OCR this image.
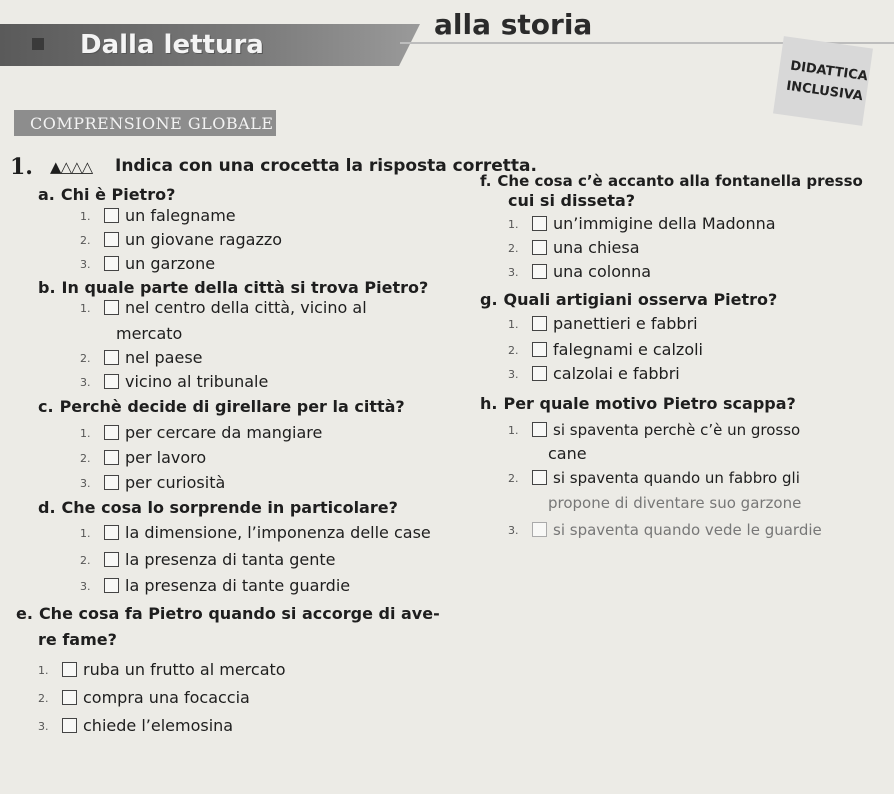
Dalla lettura
alla storia
DIDATTICA
INCLUSIVA
COMPRENSIONE GLOBALE
1. ▲△△△ Indica con una crocetta la risposta corretta.
a. Chi è Pietro?
1.	un falegname
2.	un giovane ragazzo
3.	un garzone
b. In quale parte della città si trova Pietro?
1.	nel centro della città, vicino al
mercato
2.	nel paese
3.	vicino al tribunale
c. Perchè decide di girellare per la città?
1.	per cercare da mangiare
2.	per lavoro
3.	per curiosità
d. Che cosa lo sorprende in particolare?
1.	la dimensione, l’imponenza delle case
2.	la presenza di tanta gente
3.	la presenza di tante guardie
e. Che cosa fa Pietro quando si accorge di ave-
re fame?
1.	ruba un frutto al mercato
2.	compra una focaccia
3.	chiede l’elemosina
f. Che cosa c’è accanto alla fontanella presso
cui si disseta?
1.	un’immigine della Madonna
2.	una chiesa
3.	una colonna
g. Quali artigiani osserva Pietro?
1.	panettieri e fabbri
2.	falegnami e calzoli
3.	calzolai e fabbri
h. Per quale motivo Pietro scappa?
1.	si spaventa perchè c’è un grosso
cane
2.	si spaventa quando un fabbro gli
propone di diventare suo garzone
3.	si spaventa quando vede le guardie
